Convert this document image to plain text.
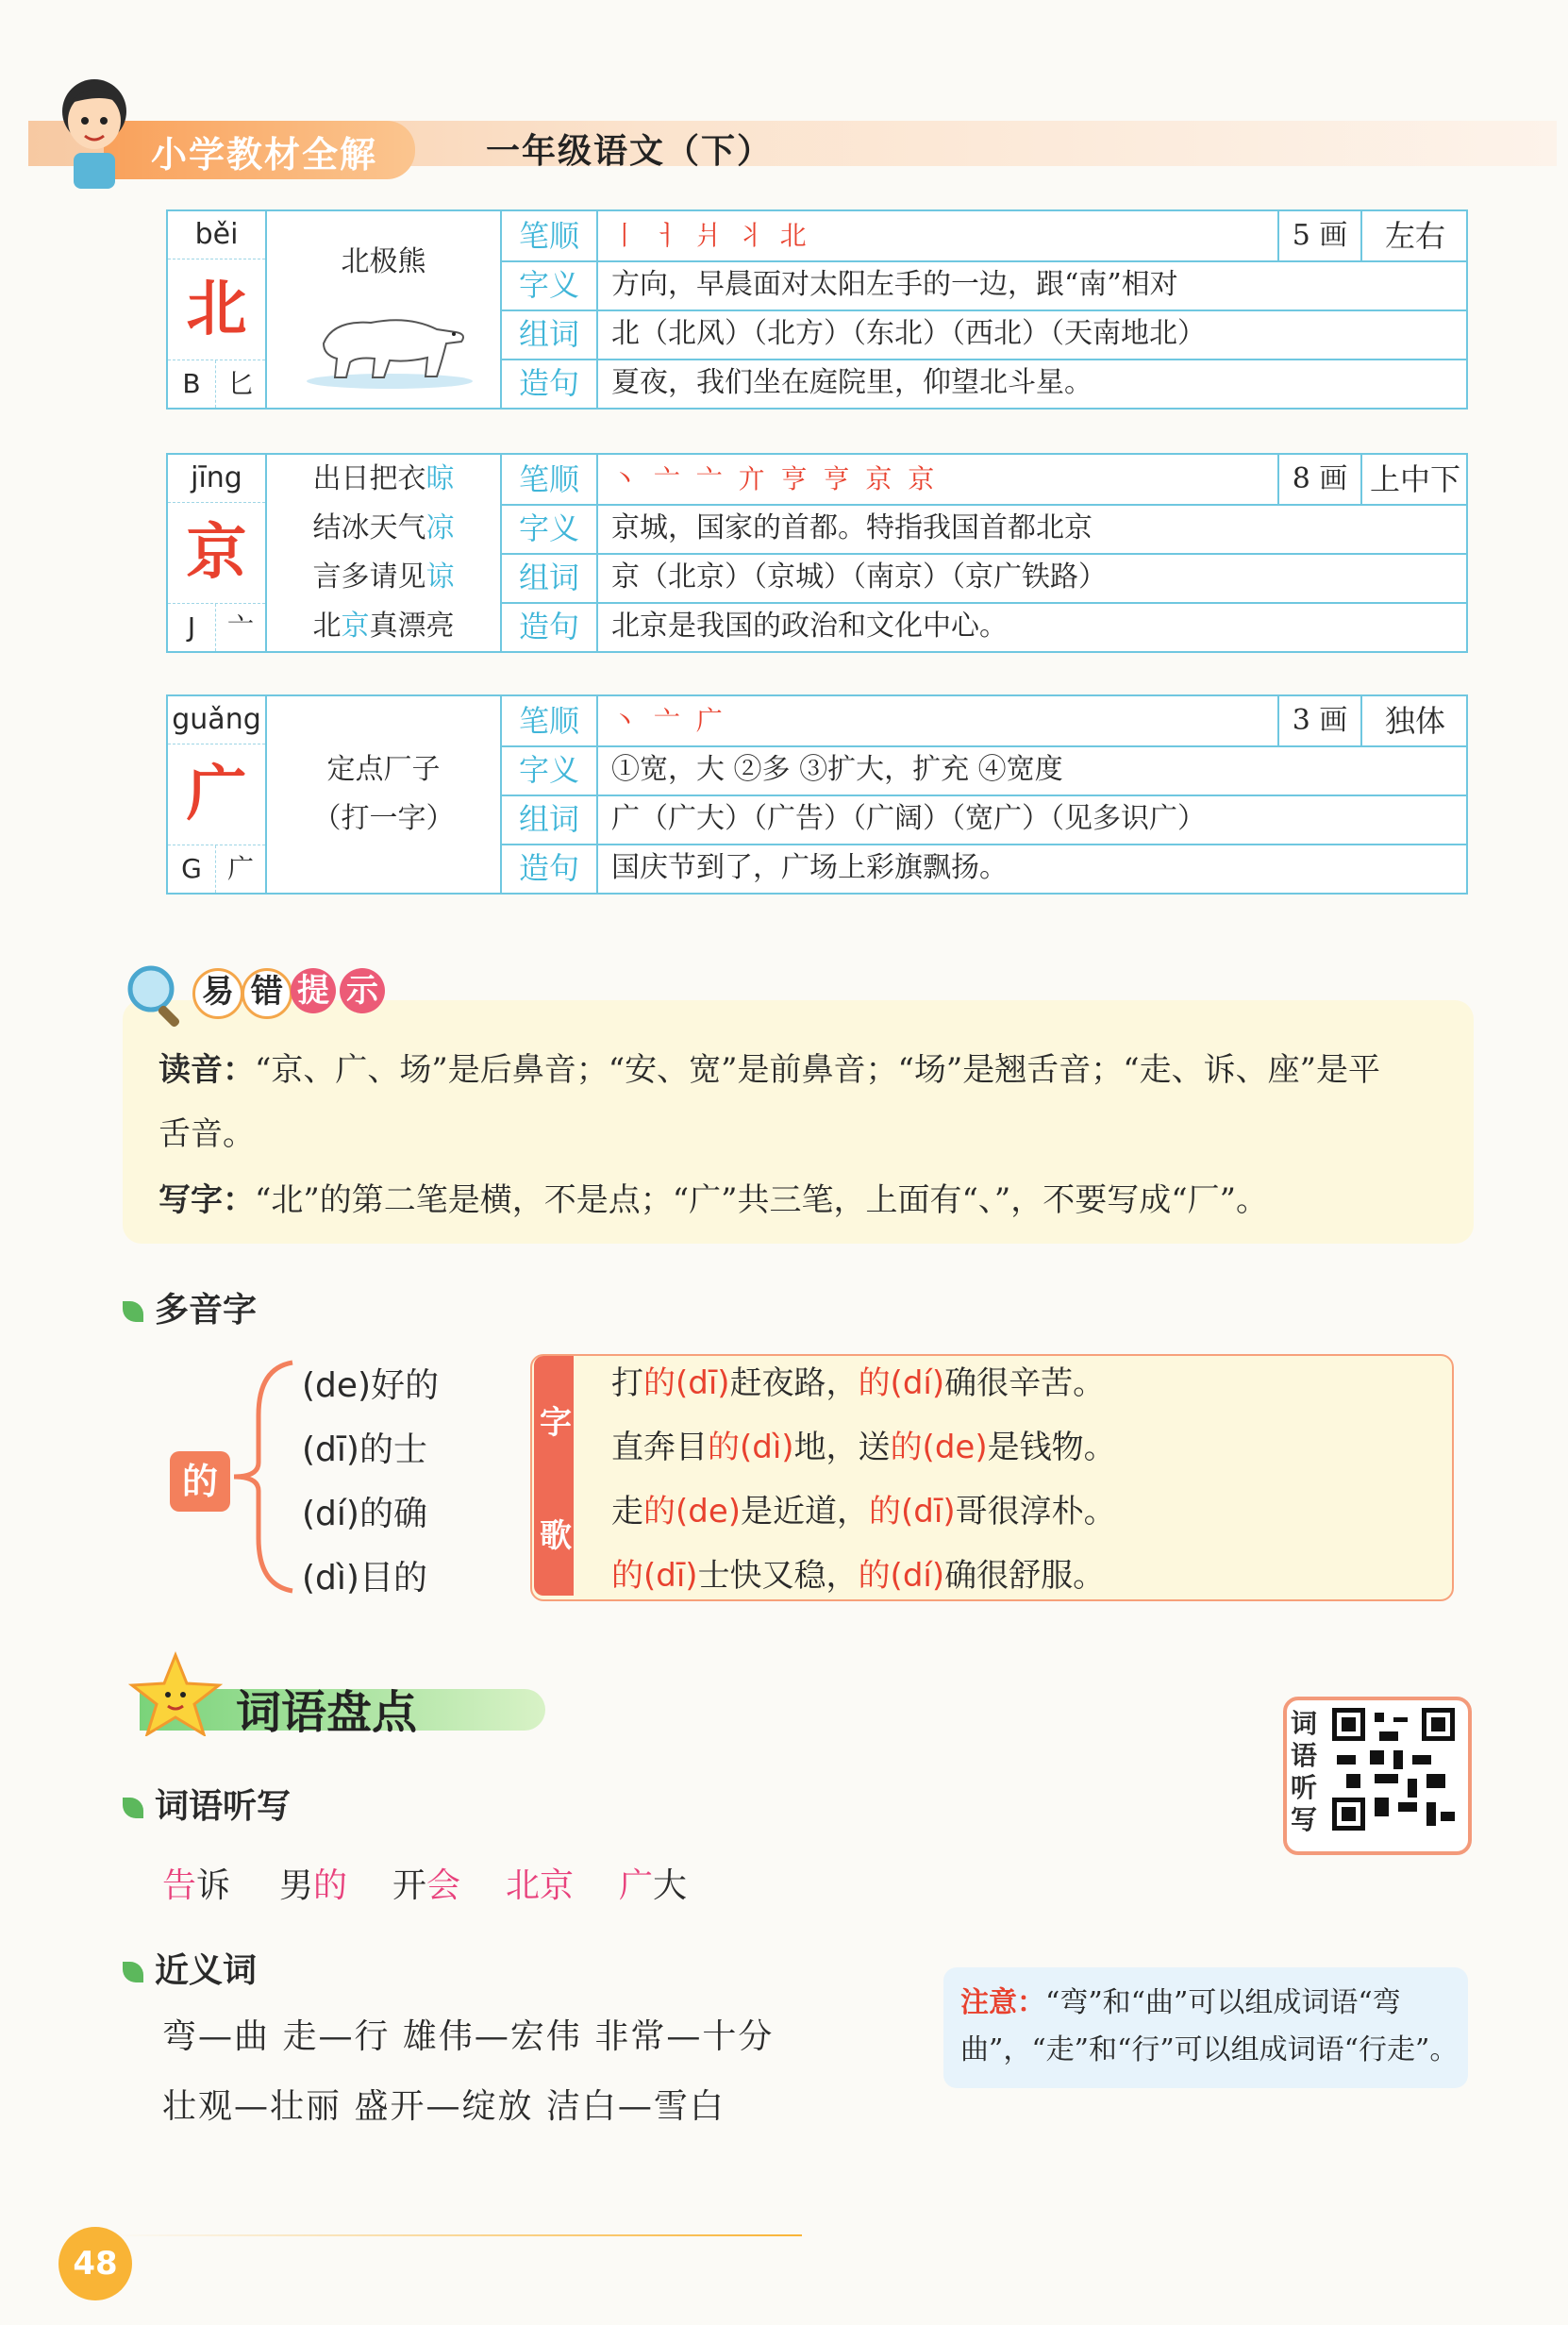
小学教材全解	一年级语文（下）
běi
北
B	匕
北极熊
笔顺	丨 ㅓ 爿 ⺦ 北	5 画	左右
字义	方向，早晨面对太阳左手的一边，跟“南”相对
组词	北（北风）（北方）（东北）（西北）（天南地北）
造句	夏夜，我们坐在庭院里，仰望北斗星。
jīng
京
J	亠
出日把衣晾
结冰天气凉
言多请见谅
北京真漂亮
笔顺	丶 亠 亠 亣 亨 亨 京 京	8 画 上中下
字义	京城，国家的首都。特指我国首都北京
组词	京（北京）（京城）（南京）（京广铁路）
造句	北京是我国的政治和文化中心。
guǎng
广
G 广
定点厂子
（打一字）
笔顺	丶 亠 广	3 画	独体
字义	①宽，大 ②多 ③扩大，扩充 ④宽度
组词	广（广大）（广告）（广阔）（宽广）（见多识广）
造句	国庆节到了，广场上彩旗飘扬。
易 错 提 示
读音：“京、广、场”是后鼻音；“安、宽”是前鼻音；“场”是翘舌音；“走、诉、座”是平
舌音。
写字：“北”的第二笔是横，不是点；“广”共三笔，上面有“、”，不要写成“厂”。
多音字
的
(de)好的
(dī)的士
(dí)的确
(dì)目的
字
歌
打的(dī)赶夜路，的(dí)确很辛苦。
直奔目的(dì)地，送的(de)是钱物。
走的(de)是近道，的(dī)哥很淳朴。
的(dī)士快又稳，的(dí)确很舒服。
词语盘点
词语听写
告诉 男的 开会 北京 广大
近义词
弯—曲 走—行 雄伟—宏伟 非常—十分
壮观—壮丽 盛开—绽放 洁白—雪白
注意：“弯”和“曲”可以组成词语“弯曲”，“走”和“行”可以组成词语“行走”。
词语听写
48
